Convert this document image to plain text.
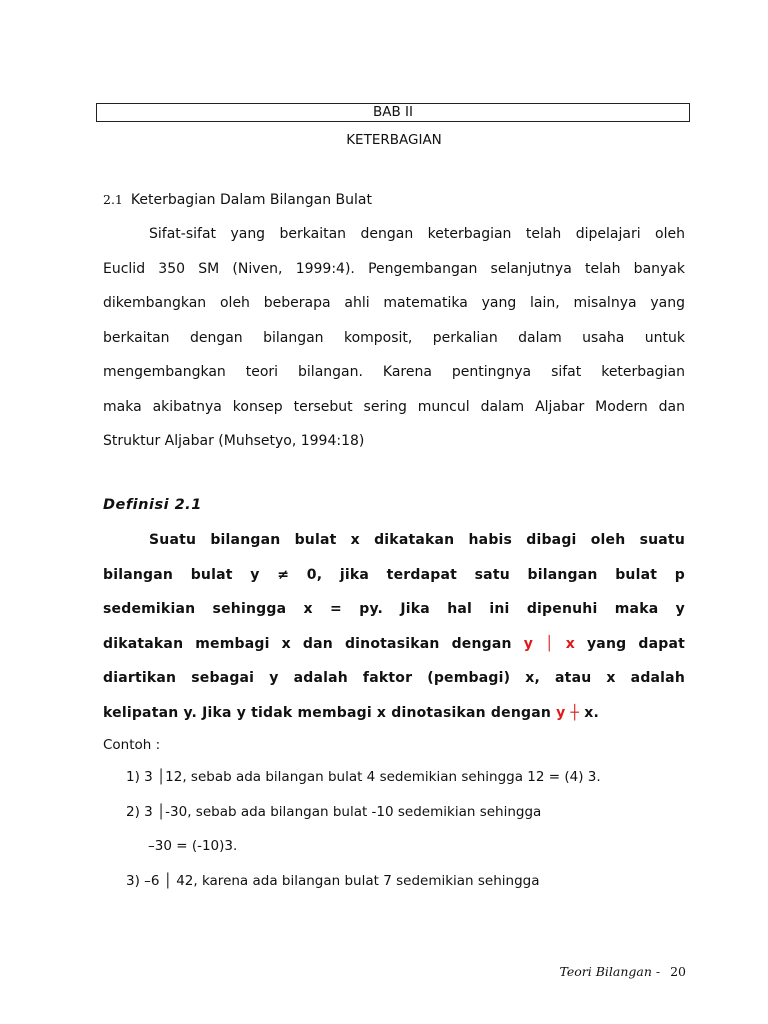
BAB II
KETERBAGIAN
2.1 Keterbagian Dalam Bilangan Bulat
Sifat-sifat yang berkaitan dengan keterbagian telah dipelajari oleh
Euclid 350 SM (Niven, 1999:4). Pengembangan selanjutnya telah banyak
dikembangkan oleh beberapa ahli matematika yang lain, misalnya yang
berkaitan dengan bilangan komposit, perkalian dalam usaha untuk
mengembangkan teori bilangan. Karena pentingnya sifat keterbagian
maka akibatnya konsep tersebut sering muncul dalam Aljabar Modern dan
Struktur Aljabar (Muhsetyo, 1994:18)
Definisi 2.1
Suatu bilangan bulat x dikatakan habis dibagi oleh suatu
bilangan bulat y ≠ 0, jika terdapat satu bilangan bulat p
sedemikian sehingga x = py. Jika hal ini dipenuhi maka y
dikatakan membagi x dan dinotasikan dengan y │ x yang dapat
diartikan sebagai y adalah faktor (pembagi) x, atau x adalah
kelipatan y. Jika y tidak membagi x dinotasikan dengan y ┼ x.
Contoh :
1) 3 │12, sebab ada bilangan bulat 4 sedemikian sehingga 12 = (4) 3.
2) 3 │-30, sebab ada bilangan bulat -10 sedemikian sehingga
–30 = (-10)3.
3) –6 │ 42, karena ada bilangan bulat 7 sedemikian sehingga
Teori Bilangan - 20
